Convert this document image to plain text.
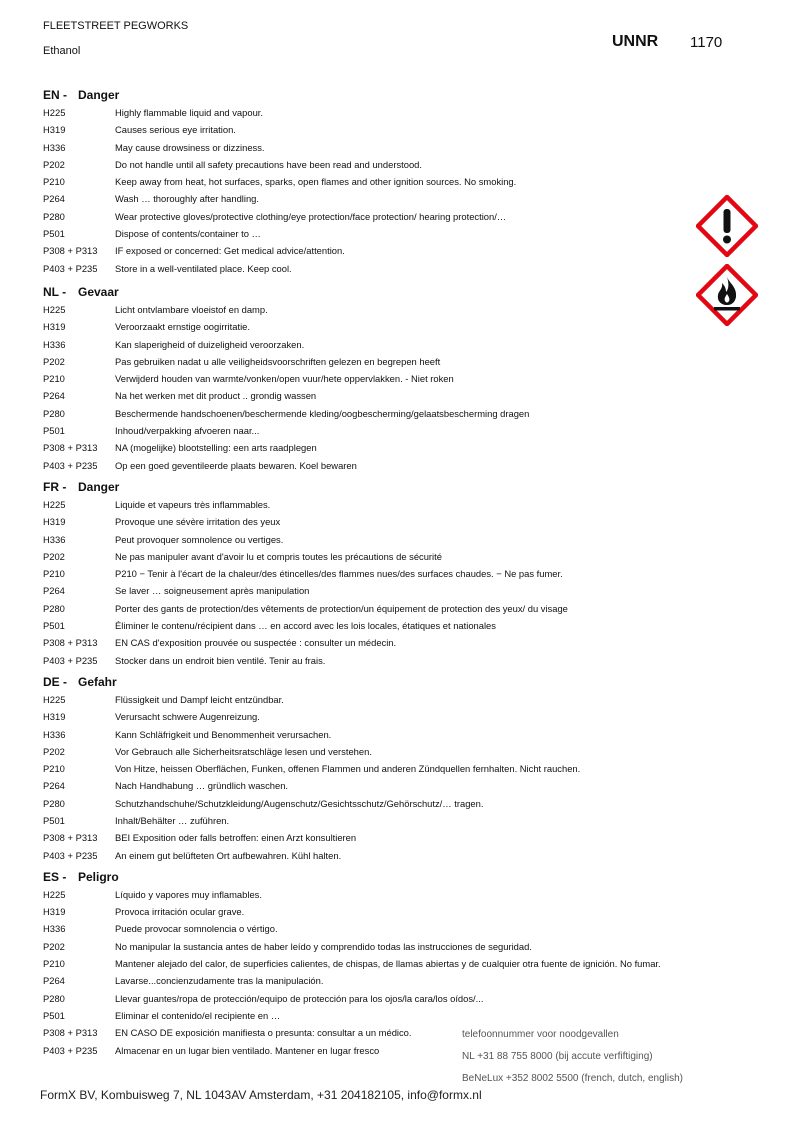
FLEETSTREET PEGWORKS
Ethanol
UNNR 1170
EN - Danger
H225	Highly flammable liquid and vapour.
H319	Causes serious eye irritation.
H336	May cause drowsiness or dizziness.
P202	Do not handle until all safety precautions have been read and understood.
P210	Keep away from heat, hot surfaces, sparks, open flames and other ignition sources. No smoking.
P264	Wash … thoroughly after handling.
P280	Wear protective gloves/protective clothing/eye protection/face protection/ hearing protection/…
P501	Dispose of contents/container to …
P308 + P313	IF exposed or concerned: Get medical advice/attention.
P403 + P235	Store in a well-ventilated place. Keep cool.
NL - Gevaar
H225	Licht ontvlambare vloeistof en damp.
H319	Veroorzaakt ernstige oogirritatie.
H336	Kan slaperigheid of duizeligheid veroorzaken.
P202	Pas gebruiken nadat u alle veiligheidsvoorschriften gelezen en begrepen heeft
P210	Verwijderd houden van warmte/vonken/open vuur/hete oppervlakken. - Niet roken
P264	Na het werken met dit product .. grondig wassen
P280	Beschermende handschoenen/beschermende kleding/oogbescherming/gelaatsbescherming dragen
P501	Inhoud/verpakking afvoeren naar...
P308 + P313	NA (mogelijke) blootstelling: een arts raadplegen
P403 + P235	Op een goed geventileerde plaats bewaren. Koel bewaren
FR - Danger
H225	Liquide et vapeurs très inflammables.
H319	Provoque une sévère irritation des yeux
H336	Peut provoquer somnolence ou vertiges.
P202	Ne pas manipuler avant d'avoir lu et compris toutes les précautions de sécurité
P210	P210 − Tenir à l'écart de la chaleur/des étincelles/des flammes nues/des surfaces chaudes. − Ne pas fumer.
P264	Se laver … soigneusement après manipulation
P280	Porter des gants de protection/des vêtements de protection/un équipement de protection des yeux/ du visage
P501	Éliminer le contenu/récipient dans … en accord avec les lois locales, étatiques et nationales
P308 + P313	EN CAS d'exposition prouvée ou suspectée : consulter un médecin.
P403 + P235	Stocker dans un endroit bien ventilé. Tenir au frais.
DE - Gefahr
H225	Flüssigkeit und Dampf leicht entzündbar.
H319	Verursacht schwere Augenreizung.
H336	Kann Schläfrigkeit und Benommenheit verursachen.
P202	Vor Gebrauch alle Sicherheitsratschläge lesen und verstehen.
P210	Von Hitze, heissen Oberflächen, Funken, offenen Flammen und anderen Zündquellen fernhalten. Nicht rauchen.
P264	Nach Handhabung … gründlich waschen.
P280	Schutzhandschuhe/Schutzkleidung/Augenschutz/Gesichtsschutz/Gehörschutz/… tragen.
P501	Inhalt/Behälter … zuführen.
P308 + P313	BEI Exposition oder falls betroffen: einen Arzt konsultieren
P403 + P235	An einem gut belüfteten Ort aufbewahren. Kühl halten.
ES - Peligro
H225	Líquido y vapores muy inflamables.
H319	Provoca irritación ocular grave.
H336	Puede provocar somnolencia o vértigo.
P202	No manipular la sustancia antes de haber leído y comprendido todas las instrucciones de seguridad.
P210	Mantener alejado del calor, de superficies calientes, de chispas, de llamas abiertas y de cualquier otra fuente de ignición. No fumar.
P264	Lavarse...concienzudamente tras la manipulación.
P280	Llevar guantes/ropa de protección/equipo de protección para los ojos/la cara/los oídos/...
P501	Eliminar el contenido/el recipiente en …
P308 + P313	EN CASO DE exposición manifiesta o presunta: consultar a un médico.
P403 + P235	Almacenar en un lugar bien ventilado. Mantener en lugar fresco
telefoonnummer voor noodgevallen
NL +31 88 755 8000 (bij accute verfiftiging)
BeNeLux +352 8002 5500 (french, dutch, english)
FormX BV, Kombuisweg 7, NL 1043AV Amsterdam, +31 204182105, info@formx.nl
